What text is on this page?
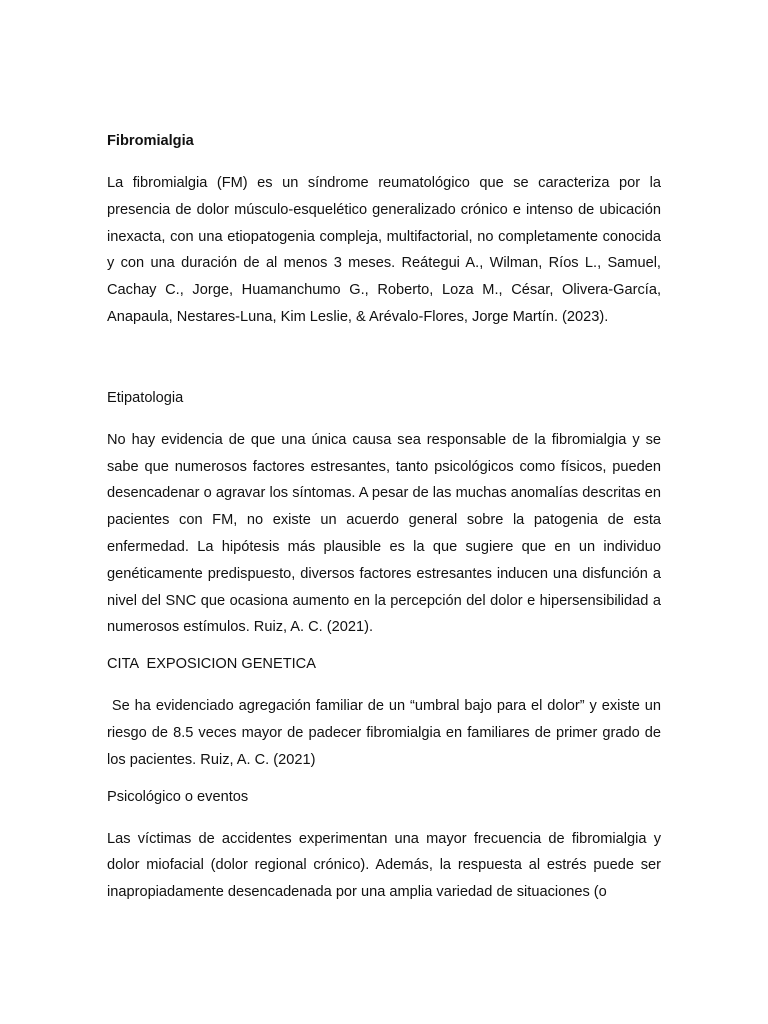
Fibromialgia

La fibromialgia (FM) es un síndrome reumatológico que se caracteriza por la presencia de dolor músculo-esquelético generalizado crónico e intenso de ubicación inexacta, con una etiopatogenia compleja, multifactorial, no completamente conocida y con una duración de al menos 3 meses. Reátegui A., Wilman, Ríos L., Samuel, Cachay C., Jorge, Huamanchumo G., Roberto, Loza M., César, Olivera-García, Anapaula, Nestares-Luna, Kim Leslie, & Arévalo-Flores, Jorge Martín. (2023).

Etipatologia

No hay evidencia de que una única causa sea responsable de la fibromialgia y se sabe que numerosos factores estresantes, tanto psicológicos como físicos, pueden desencadenar o agravar los síntomas. A pesar de las muchas anomalías descritas en pacientes con FM, no existe un acuerdo general sobre la patogenia de esta enfermedad. La hipótesis más plausible es la que sugiere que en un individuo genéticamente predispuesto, diversos factores estresantes inducen una disfunción a nivel del SNC que ocasiona aumento en la percepción del dolor e hipersensibilidad a numerosos estímulos. Ruiz, A. C. (2021).

CITA  EXPOSICION GENETICA

Se ha evidenciado agregación familiar de un “umbral bajo para el dolor” y existe un riesgo de 8.5 veces mayor de padecer fibromialgia en familiares de primer grado de los pacientes. Ruiz, A. C. (2021)

Psicológico o eventos

Las víctimas de accidentes experimentan una mayor frecuencia de fibromialgia y dolor miofacial (dolor regional crónico). Además, la respuesta al estrés puede ser inapropiadamente desencadenada por una amplia variedad de situaciones (o
